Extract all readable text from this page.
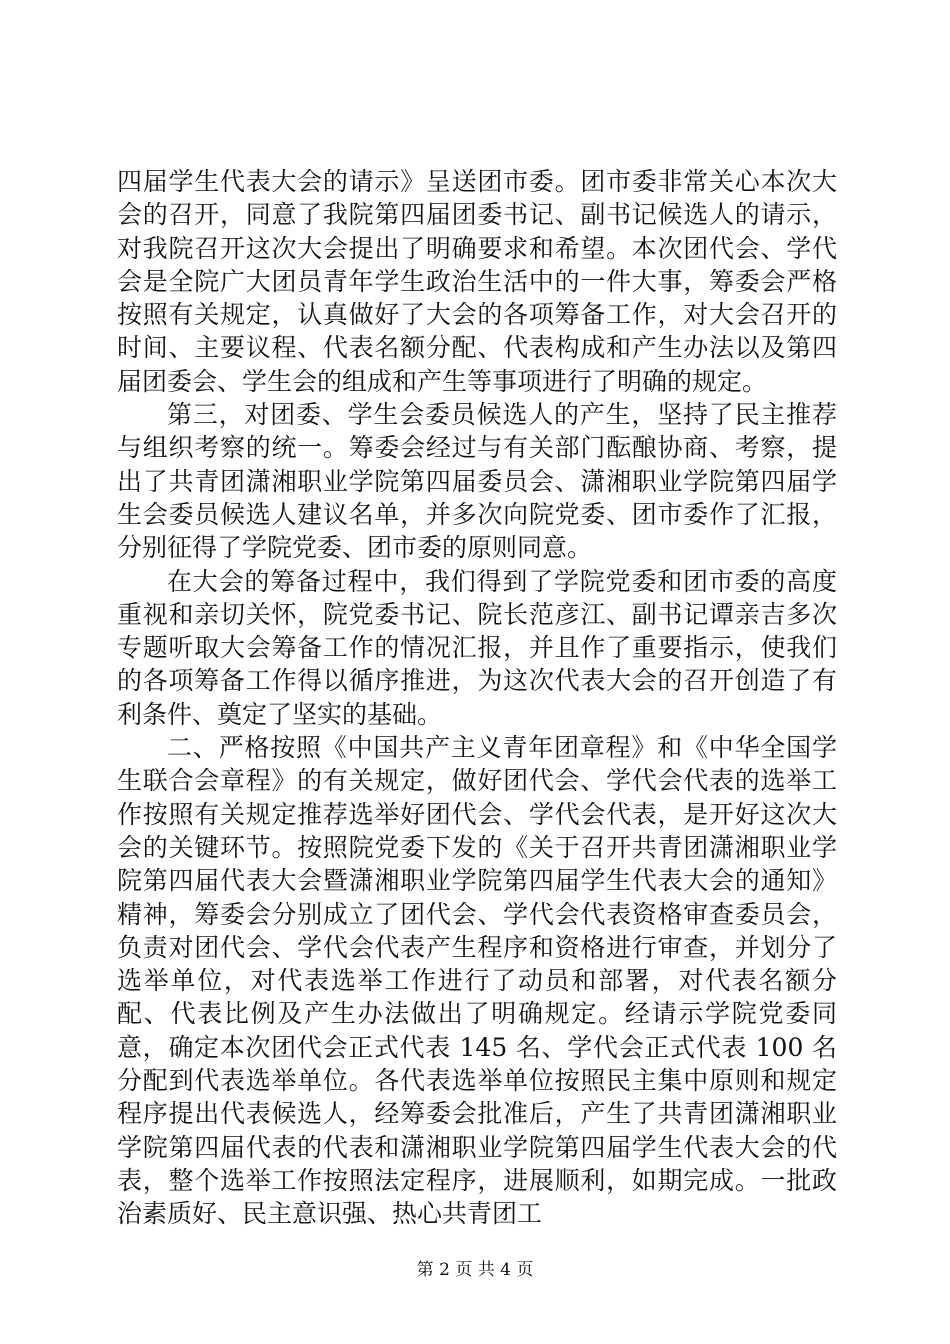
四届学生代表大会的请示》呈送团市委。团市委非常关心本次大会的召开，同意了我院第四届团委书记、副书记候选人的请示，对我院召开这次大会提出了明确要求和希望。本次团代会、学代会是全院广大团员青年学生政治生活中的一件大事，筹委会严格按照有关规定，认真做好了大会的各项筹备工作，对大会召开的时间、主要议程、代表名额分配、代表构成和产生办法以及第四届团委会、学生会的组成和产生等事项进行了明确的规定。

第三，对团委、学生会委员候选人的产生，坚持了民主推荐与组织考察的统一。筹委会经过与有关部门酝酿协商、考察，提出了共青团潇湘职业学院第四届委员会、潇湘职业学院第四届学生会委员候选人建议名单，并多次向院党委、团市委作了汇报，分别征得了学院党委、团市委的原则同意。

在大会的筹备过程中，我们得到了学院党委和团市委的高度重视和亲切关怀，院党委书记、院长范彦江、副书记谭亲吉多次专题听取大会筹备工作的情况汇报，并且作了重要指示，使我们的各项筹备工作得以循序推进，为这次代表大会的召开创造了有利条件、奠定了坚实的基础。

二、严格按照《中国共产主义青年团章程》和《中华全国学生联合会章程》的有关规定，做好团代会、学代会代表的选举工作按照有关规定推荐选举好团代会、学代会代表，是开好这次大会的关键环节。按照院党委下发的《关于召开共青团潇湘职业学院第四届代表大会暨潇湘职业学院第四届学生代表大会的通知》精神，筹委会分别成立了团代会、学代会代表资格审查委员会，负责对团代会、学代会代表产生程序和资格进行审查，并划分了选举单位，对代表选举工作进行了动员和部署，对代表名额分配、代表比例及产生办法做出了明确规定。经请示学院党委同意，确定本次团代会正式代表 145 名、学代会正式代表 100 名分配到代表选举单位。各代表选举单位按照民主集中原则和规定程序提出代表候选人，经筹委会批准后，产生了共青团潇湘职业学院第四届代表的代表和潇湘职业学院第四届学生代表大会的代表，整个选举工作按照法定程序，进展顺利，如期完成。一批政治素质好、民主意识强、热心共青团工

第 2 页 共 4 页
